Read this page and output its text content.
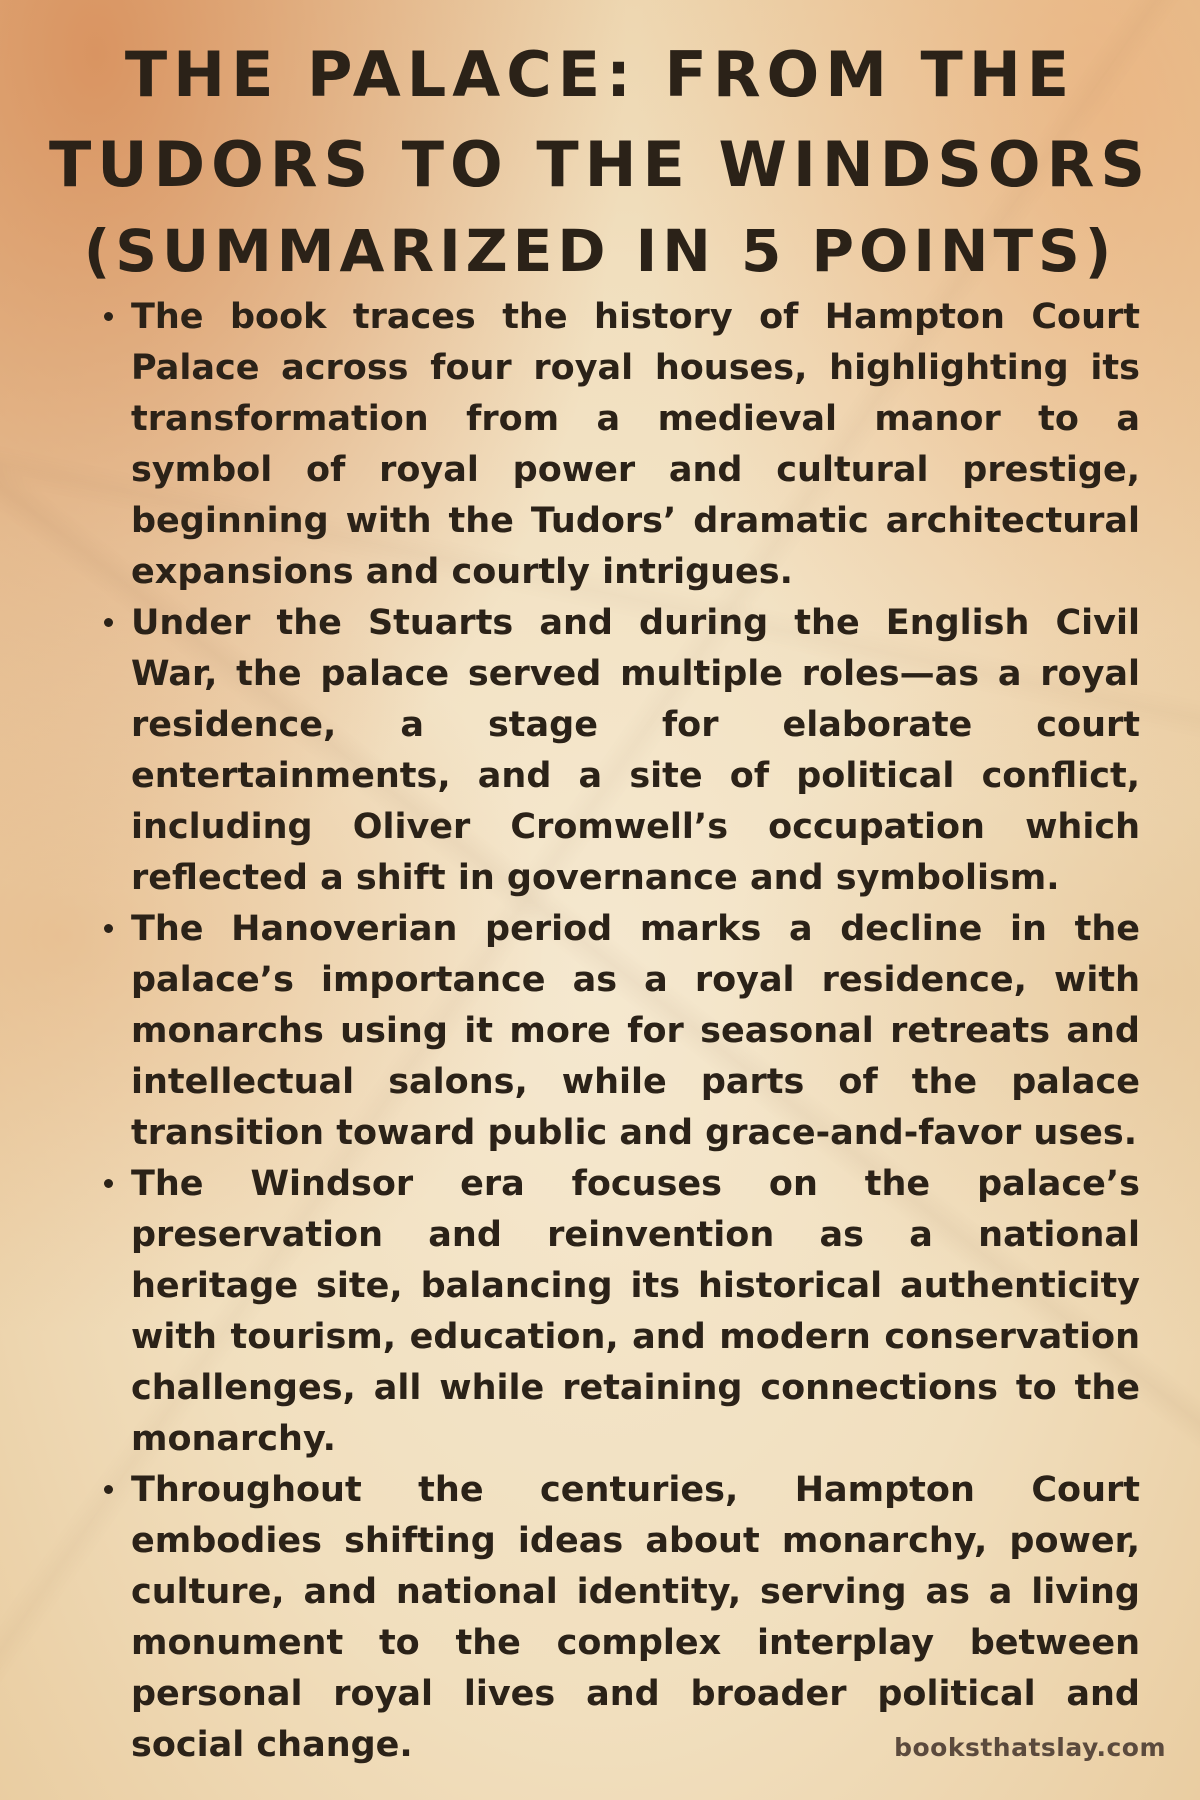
THE PALACE: FROM THE
TUDORS TO THE WINDSORS
(SUMMARIZED IN 5 POINTS)
The book traces the history of Hampton Court Palace across four royal houses, highlighting its transformation from a medieval manor to a symbol of royal power and cultural prestige, beginning with the Tudors’ dramatic architectural expansions and courtly intrigues.
Under the Stuarts and during the English Civil War, the palace served multiple roles—as a royal residence, a stage for elaborate court entertainments, and a site of political conflict, including Oliver Cromwell’s occupation which reflected a shift in governance and symbolism.
The Hanoverian period marks a decline in the palace’s importance as a royal residence, with monarchs using it more for seasonal retreats and intellectual salons, while parts of the palace transition toward public and grace-and-favor uses.
The Windsor era focuses on the palace’s preservation and reinvention as a national heritage site, balancing its historical authenticity with tourism, education, and modern conservation challenges, all while retaining connections to the monarchy.
Throughout the centuries, Hampton Court embodies shifting ideas about monarchy, power, culture, and national identity, serving as a living monument to the complex interplay between personal royal lives and broader political and social change.	booksthatslay.com
